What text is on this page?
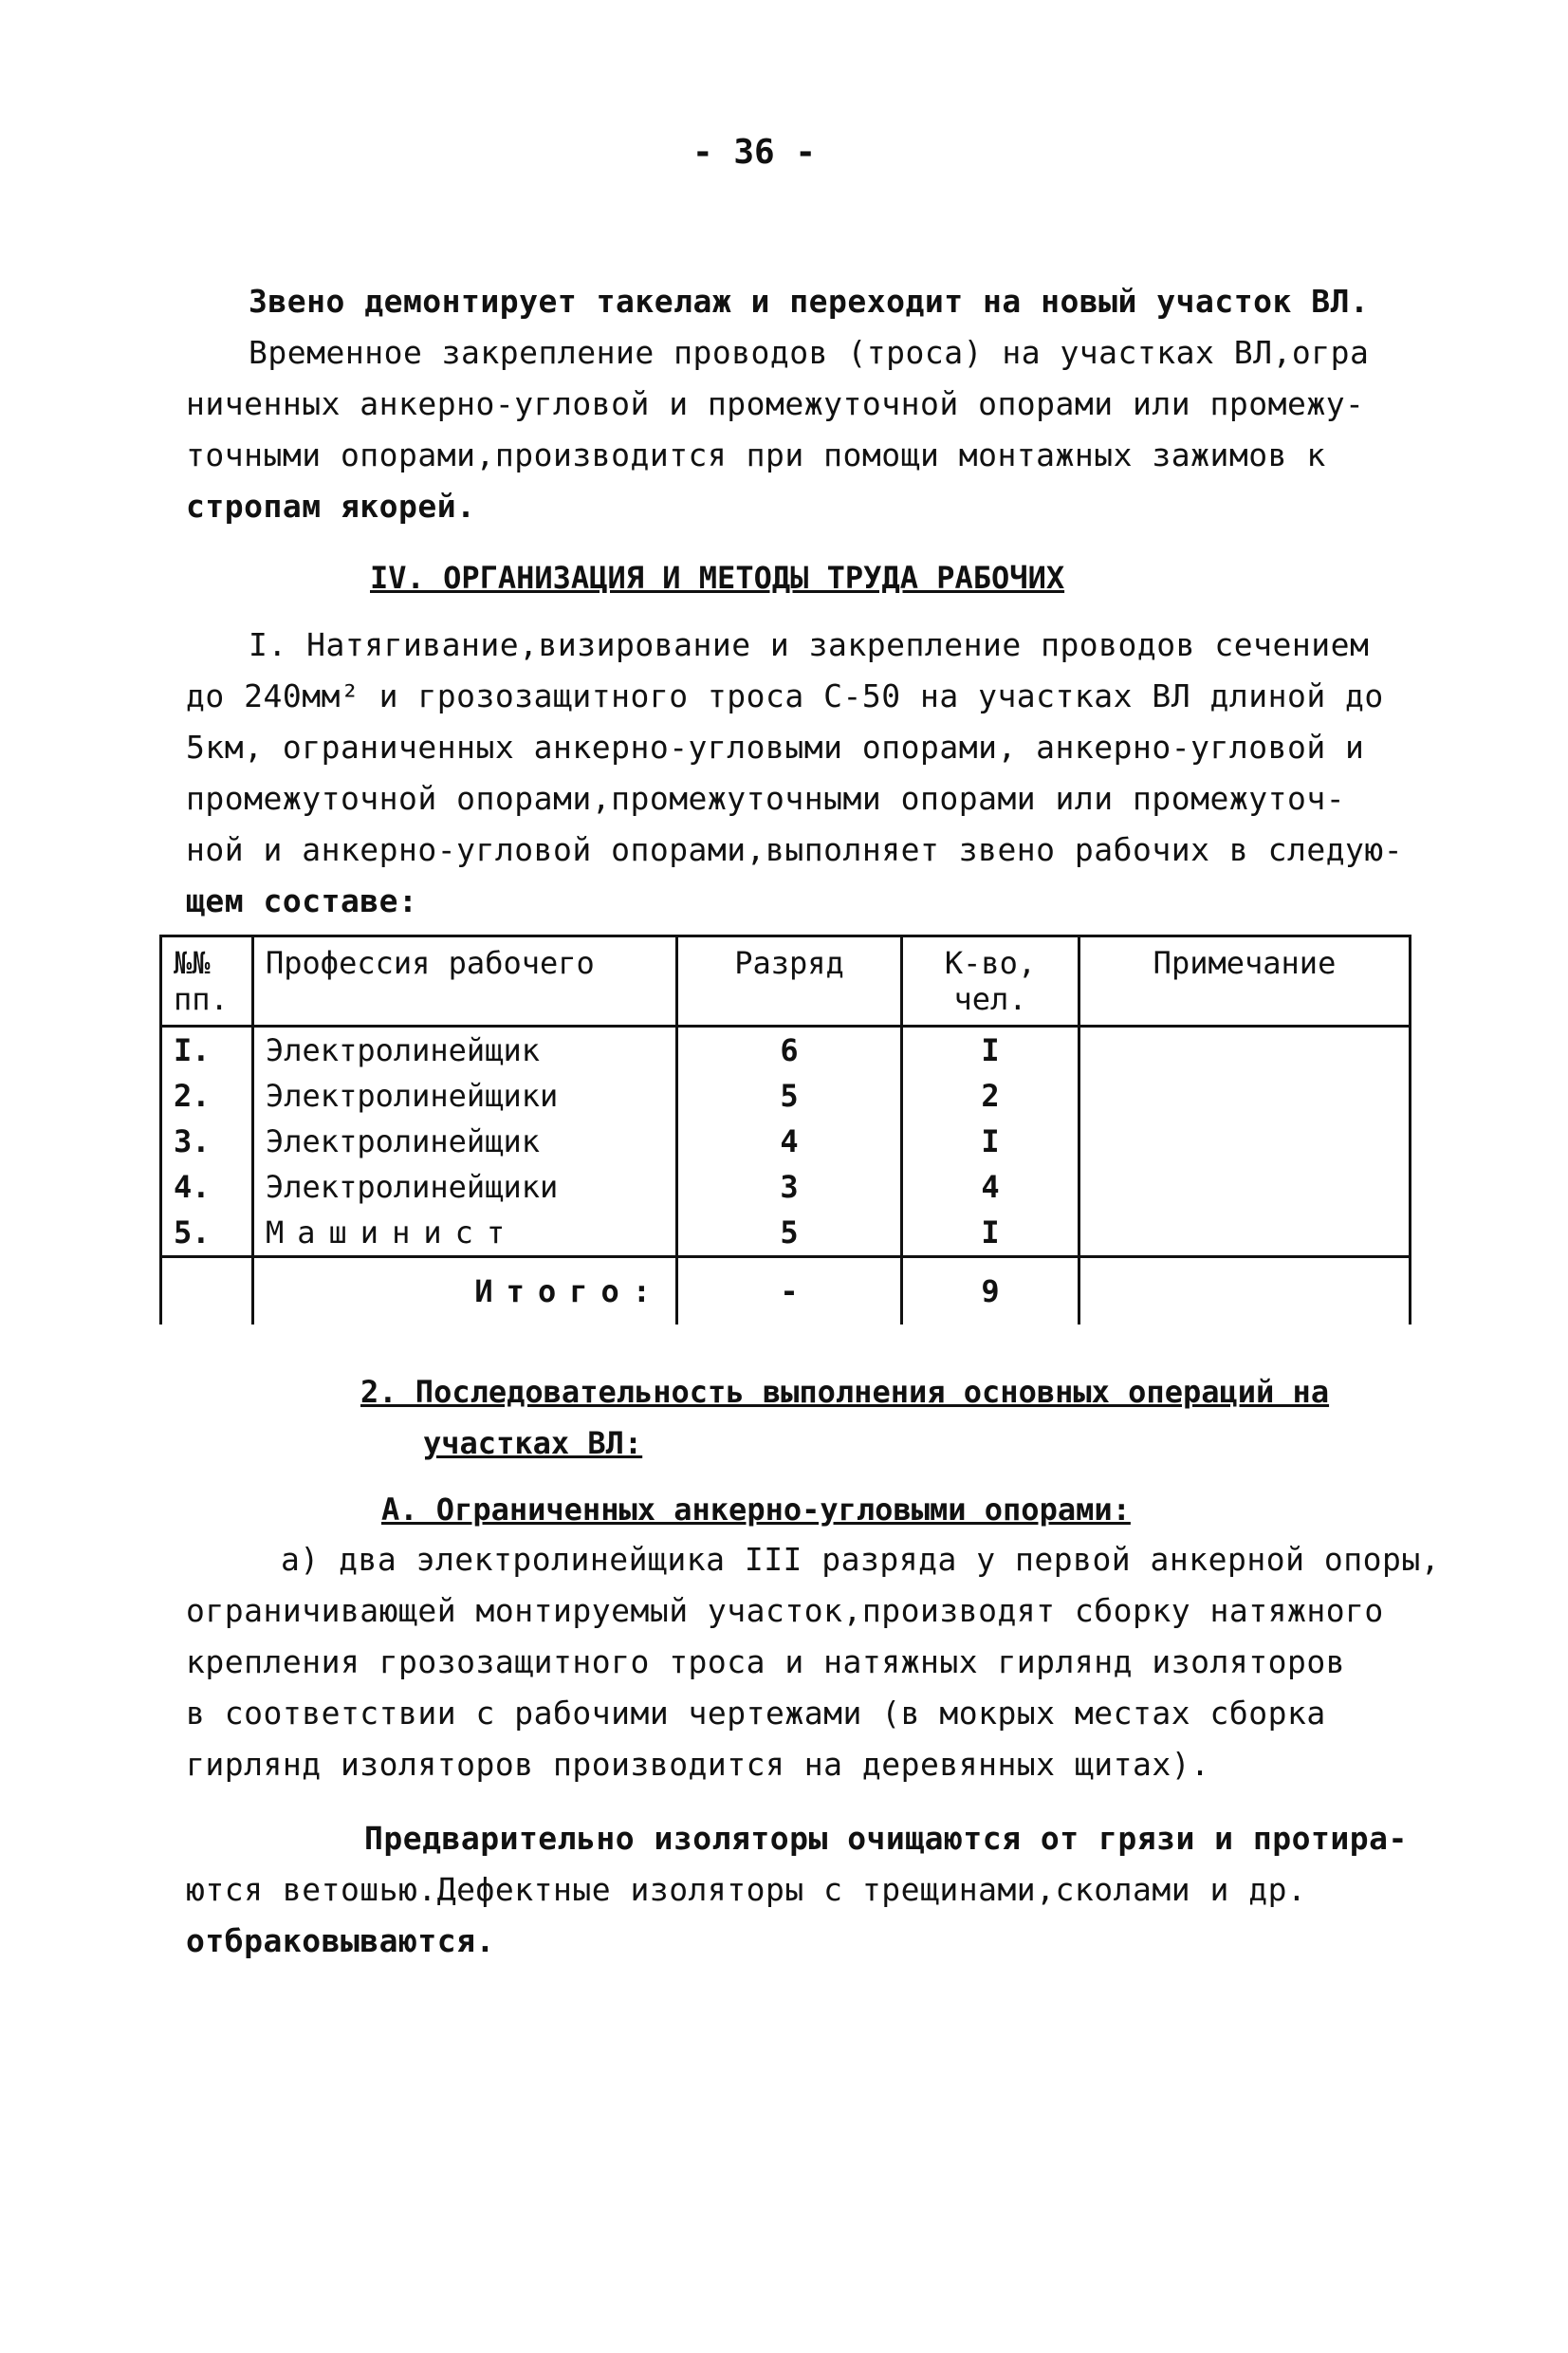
- 36 -
Звено демонтирует такелаж и переходит на новый участок ВЛ.
Временное закрепление проводов (троса) на участках ВЛ,огра
ниченных анкерно-угловой и промежуточной опорами или промежу-
точными опорами,производится при помощи монтажных зажимов к
стропам якорей.
IV. ОРГАНИЗАЦИЯ И МЕТОДЫ ТРУДА РАБОЧИХ
I. Натягивание,визирование и закрепление проводов сечением
до 240мм² и грозозащитного троса С-50 на участках ВЛ длиной до
5км, ограниченных анкерно-угловыми опорами, анкерно-угловой и
промежуточной опорами,промежуточными опорами или промежуточ-
ной и анкерно-угловой опорами,выполняет звено рабочих в следую-
щем составе:
№№ пп.	Профессия рабочего	Разряд	К-во, чел.	Примечание
I.	Электролинейщик	6	I	
2.	Электролинейщики	5	2	
3.	Электролинейщик	4	I	
4.	Электролинейщики	3	4	
5.	Машинист	5	I	
	Итого:	-	9	
2. Последовательность выполнения основных операций на
участках ВЛ:
А. Ограниченных анкерно-угловыми опорами:
а) два электролинейщика III разряда у первой анкерной опоры,
ограничивающей монтируемый участок,производят сборку натяжного
крепления грозозащитного троса и натяжных гирлянд изоляторов
в соответствии с рабочими чертежами (в мокрых местах сборка
гирлянд изоляторов производится на деревянных щитах).
Предварительно изоляторы очищаются от грязи и протира-
ются ветошью.Дефектные изоляторы с трещинами,сколами и др.
отбраковываются.
